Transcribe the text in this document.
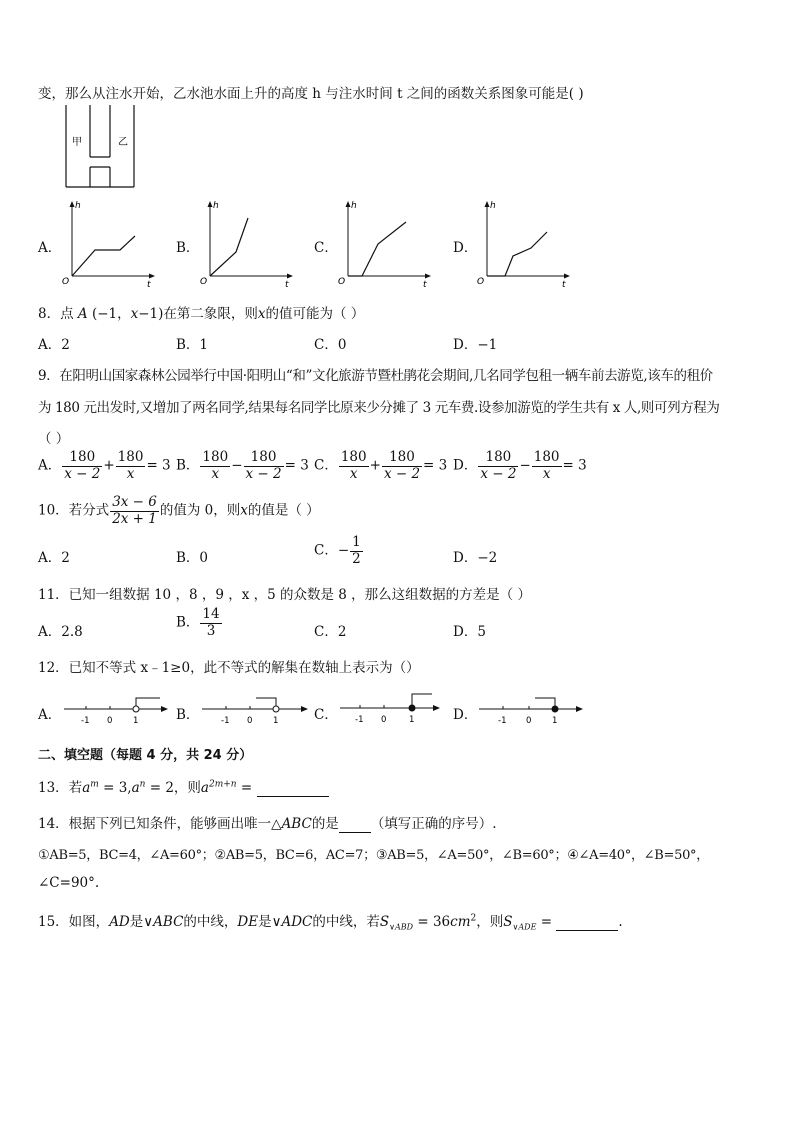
变，那么从注水开始，乙水池水面上升的高度 h 与注水时间 t 之间的函数关系图象可能是( )
甲	乙
A．
h
t
O
B．
h
t
O
C．
h
t
O
D．
h
t
O
8．点 A (−1，x−1)在第二象限，则x的值可能为（ ）
A．2	B．1	C．0	D．−1
9．在阳明山国家森林公园举行中国·阳明山“和”文化旅游节暨杜鹃花会期间,几名同学包租一辆车前去游览,该车的租价
为 180 元出发时,又增加了两名同学,结果每名同学比原来少分摊了 3 元车费.设参加游览的学生共有 x 人,则可列方程为
（ ）
A． $\frac{180}{x - 2} + \frac{180}{x} = 3$ B． $\frac{180}{x} - \frac{180}{x - 2} = 3$ C． $\frac{180}{x} + \frac{180}{x - 2} = 3$ D． $\frac{180}{x - 2} - \frac{180}{x} = 3$
10．若分式 $\frac{3x - 6}{2x + 1}$ 的值为 0，则x的值是（ ）
A．2	B．0	C．− $\frac{1}{2}$	D．−2
11．已知一组数据 10 ，8 ，9 ，x ，5 的众数是 8 ，那么这组数据的方差是（ ）
A．2.8
B． $\frac{14}{3}$	C．2	D．5
12．已知不等式 x﹣1≥0，此不等式的解集在数轴上表示为（）
A． -1 0 1	B．	-1 0 1	C． -1 0	1	D． -1 0 1
二、填空题（每题 4 分，共 24 分）
13．若$a^m = 3,a^n = 2$，则$a^{2m+n}$ =
14．根据下列已知条件，能够画出唯一△ABC的是 （填写正确的序号）.
①AB=5，BC=4，∠A=60°；②AB=5，BC=6，AC=7；③AB=5，∠A=50°，∠B=60°；④∠A=40°，∠B=50°，
∠C=90°.
15．如图，AD是∨ABC的中线，DE是∨ADC的中线，若$S_{\vee ABD} = 36cm^2$，则$S_{\vee ADE}$ =	.
